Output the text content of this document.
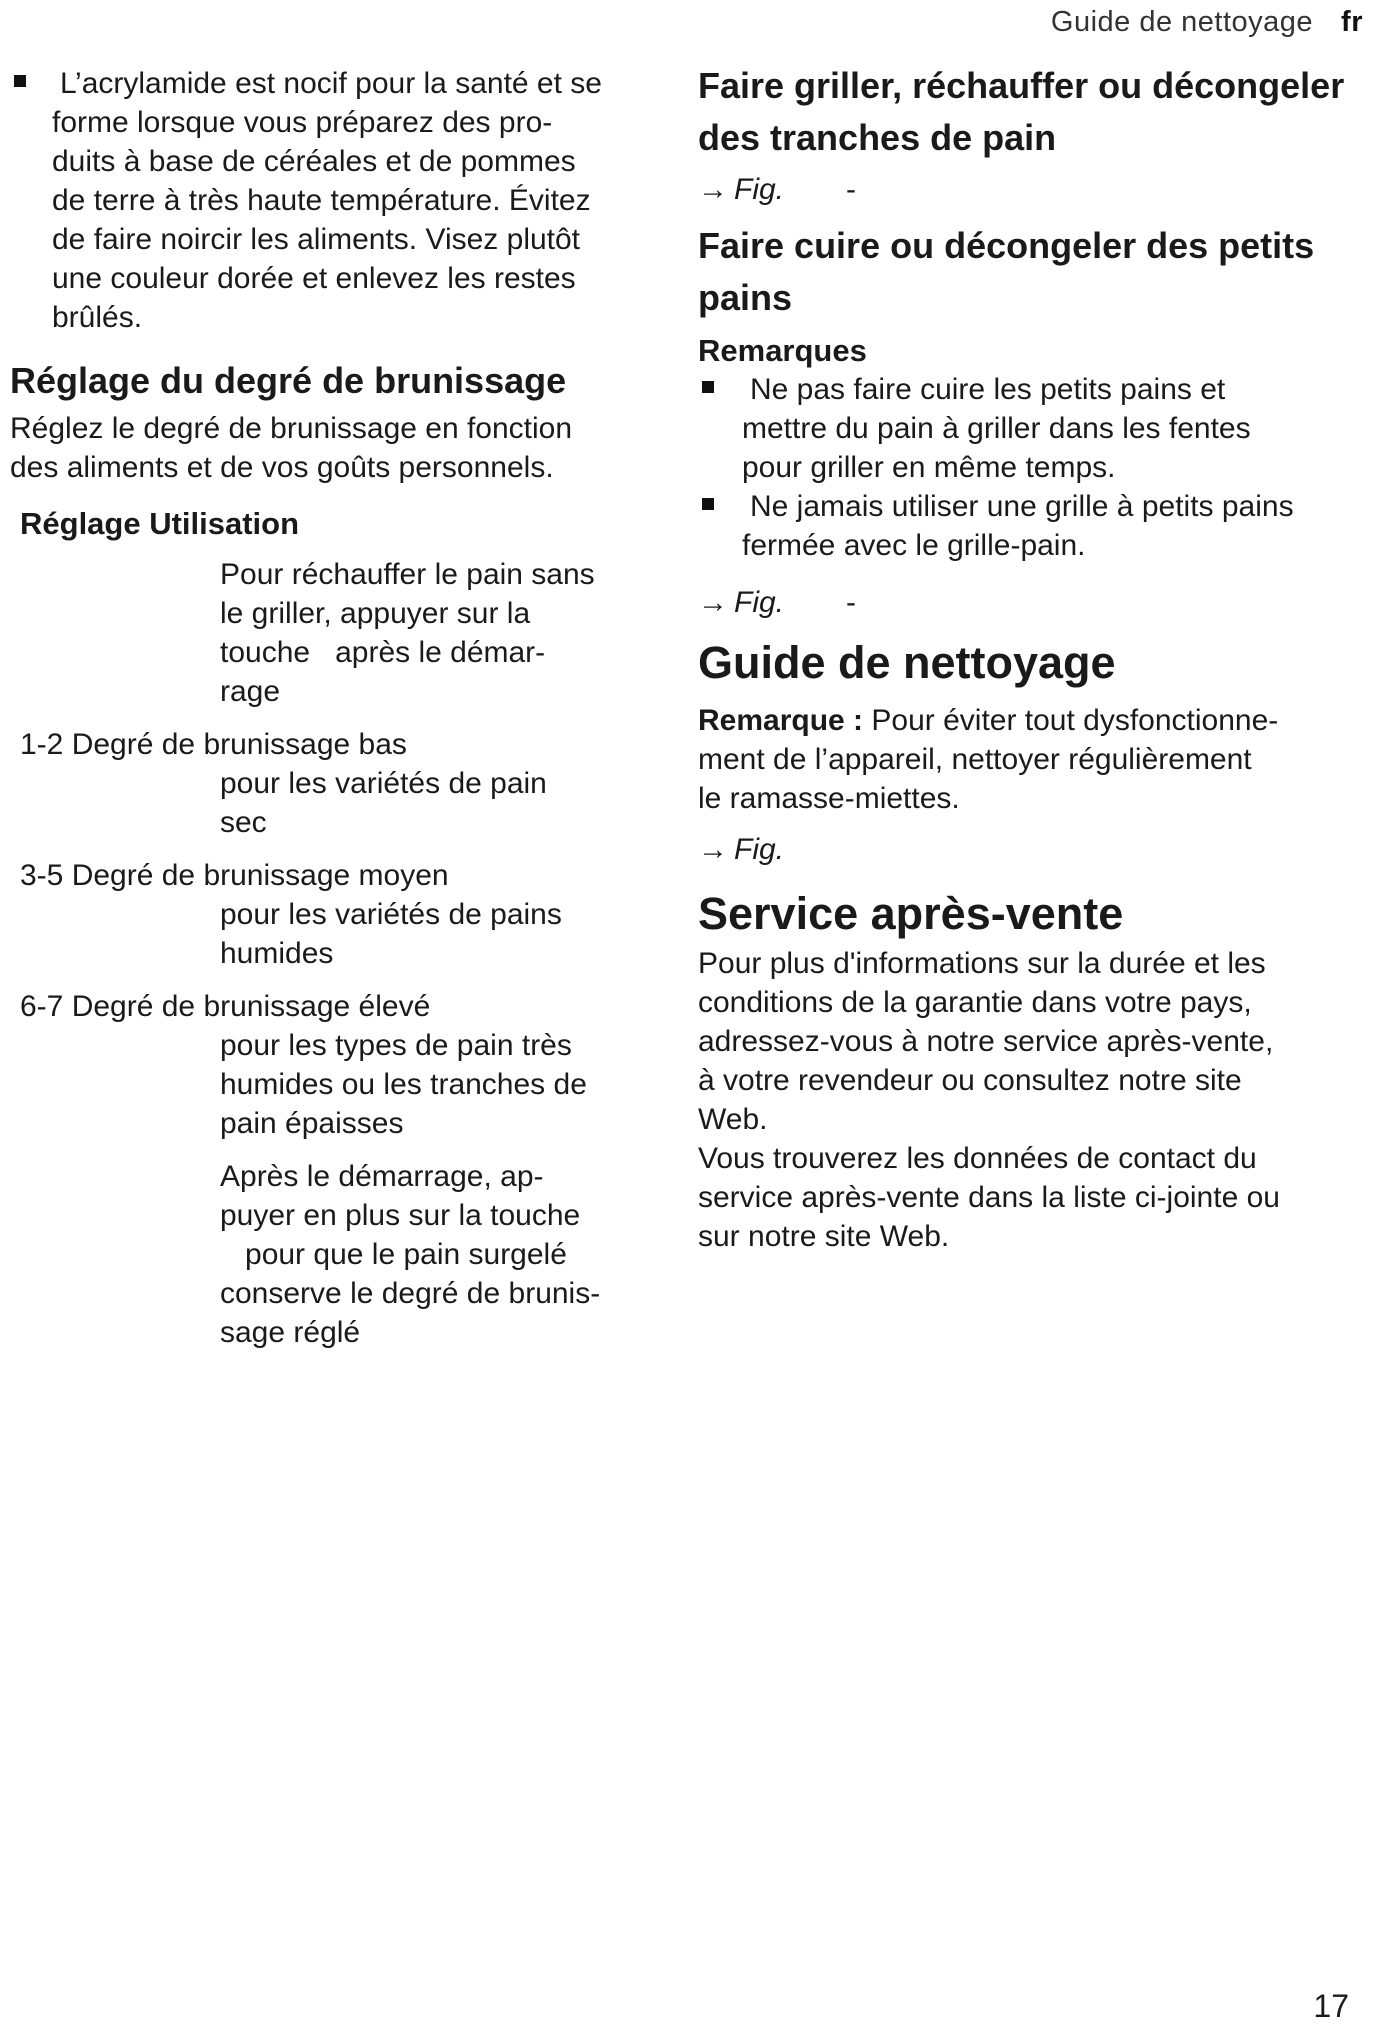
Guide de nettoyage fr
L’acrylamide est nocif pour la santé et se
forme lorsque vous préparez des pro-
duits à base de céréales et de pommes
de terre à très haute température. Évitez
de faire noircir les aliments. Visez plutôt
une couleur dorée et enlevez les restes
brûlés.
Réglage du degré de brunissage

Réglez le degré de brunissage en fonction
des aliments et de vos goûts personnels.

Réglage Utilisation
Pour réchauffer le pain sans
le griller, appuyer sur la
touche   après le démar-
rage
1-2 Degré de brunissage bas
pour les variétés de pain
sec
3-5 Degré de brunissage moyen
pour les variétés de pains
humides
6-7 Degré de brunissage élevé
pour les types de pain très
humides ou les tranches de
pain épaisses
Après le démarrage, ap-
puyer en plus sur la touche
pour que le pain surgelé
conserve le degré de brunis-
sage réglé
Faire griller, réchauffer ou décongeler
des tranches de pain
→ Fig. -
Faire cuire ou décongeler des petits
pains
Remarques
Ne pas faire cuire les petits pains et
mettre du pain à griller dans les fentes
pour griller en même temps.
Ne jamais utiliser une grille à petits pains
fermée avec le grille-pain.
→ Fig. -
Guide de nettoyage

Remarque : Pour éviter tout dysfonctionne-
ment de l’appareil, nettoyer régulièrement
le ramasse-miettes.

→ Fig.
Service après-vente

Pour plus d'informations sur la durée et les
conditions de la garantie dans votre pays,
adressez-vous à notre service après-vente,
à votre revendeur ou consultez notre site
Web.

Vous trouverez les données de contact du
service après-vente dans la liste ci-jointe ou
sur notre site Web.

17
